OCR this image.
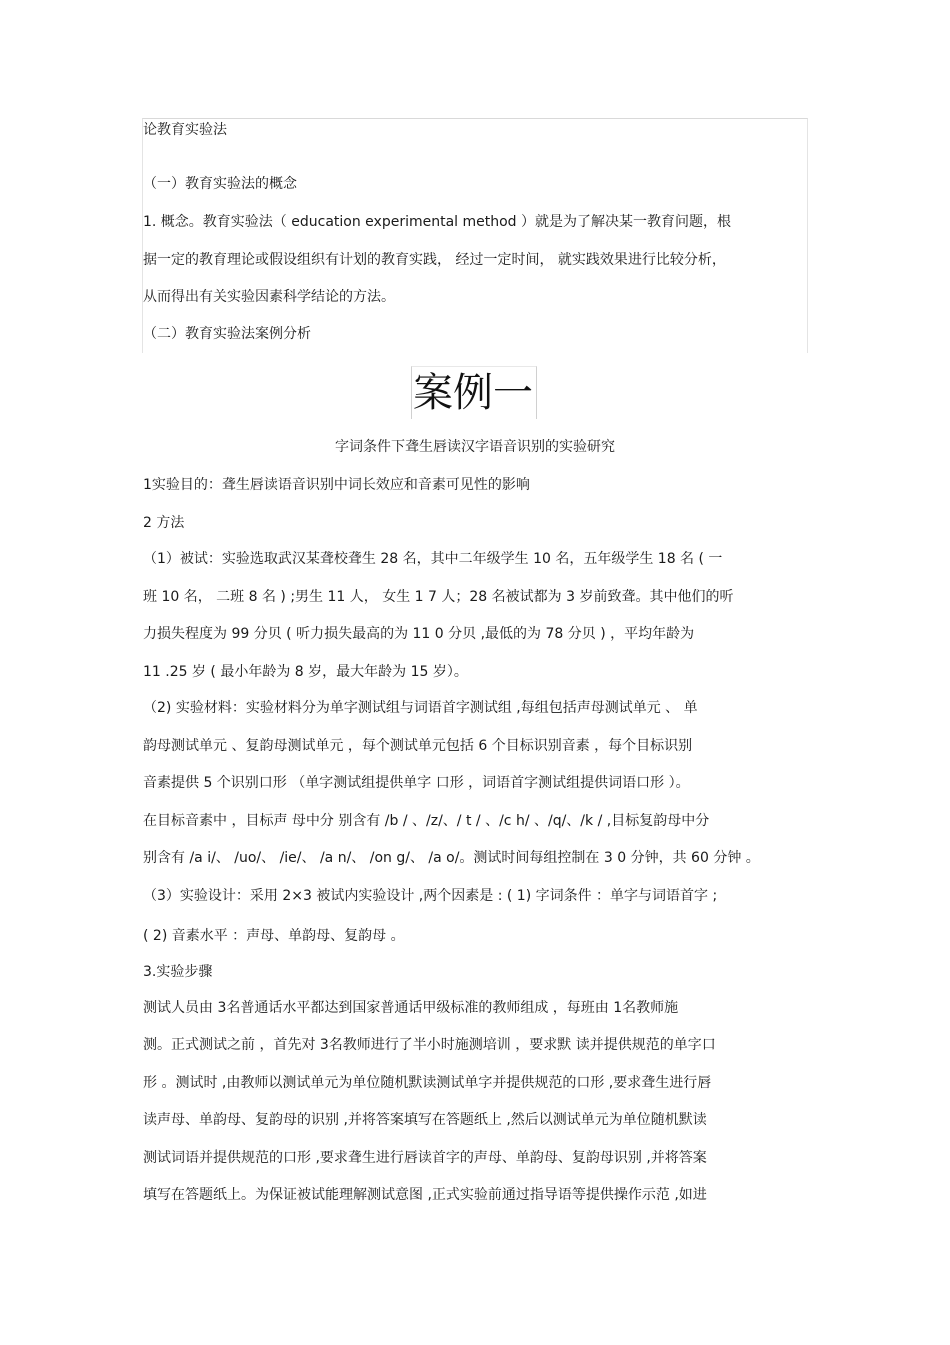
论教育实验法
（一）教育实验法的概念
1. 概念。教育实验法（ education experimental method ）就是为了解决某一教育问题，根
据一定的教育理论或假设组织有计划的教育实践， 经过一定时间， 就实践效果进行比较分析，
从而得出有关实验因素科学结论的方法。
（二）教育实验法案例分析
案例一
字词条件下聋生唇读汉字语音识别的实验研究
1实验目的：聋生唇读语音识别中词长效应和音素可见性的影响
2 方法
（1）被试：实验选取武汉某聋校聋生 28 名，其中二年级学生 10 名，五年级学生 18 名 ( 一
班 10 名， 二班 8 名 ) ;男生 11 人， 女生 1 7 人；28 名被试都为 3 岁前致聋。其中他们的听
力损失程度为 99 分贝 ( 听力损失最高的为 11 0 分贝 ,最低的为 78 分贝 ) ，平均年龄为
11 .25 岁 ( 最小年龄为 8 岁，最大年龄为 15 岁）。
（2) 实验材料：实验材料分为单字测试组与词语首字测试组 ,每组包括声母测试单元 、 单
韵母测试单元 、复韵母测试单元 ，每个测试单元包括 6 个目标识别音素 ，每个目标识别
音素提供 5 个识别口形 （单字测试组提供单字 口形 ，词语首字测试组提供词语口形 ）。
在目标音素中 ，目标声 母中分 别含有 /b / 、/z/、/ t / 、/c h/ 、/q/、/k / ,目标复韵母中分
别含有 /a i/、 /uo/、 /ie/、 /a n/、 /on g/、 /a o/。测试时间每组控制在 3 0 分钟，共 60 分钟 。
（3）实验设计：采用 2×3 被试内实验设计 ,两个因素是 : ( 1) 字词条件 ：单字与词语首字 ;
( 2) 音素水平 ：声母、单韵母、复韵母 。
3.实验步骤
测试人员由 3名普通话水平都达到国家普通话甲级标准的教师组成 ，每班由 1名教师施
测。正式测试之前 ，首先对 3名教师进行了半小时施测培训 ，要求默 读并提供规范的单字口
形 。测试时 ,由教师以测试单元为单位随机默读测试单字并提供规范的口形 ,要求聋生进行唇
读声母、单韵母、复韵母的识别 ,并将答案填写在答题纸上 ,然后以测试单元为单位随机默读
测试词语并提供规范的口形 ,要求聋生进行唇读首字的声母、单韵母、复韵母识别 ,并将答案
填写在答题纸上。为保证被试能理解测试意图 ,正式实验前通过指导语等提供操作示范 ,如进
